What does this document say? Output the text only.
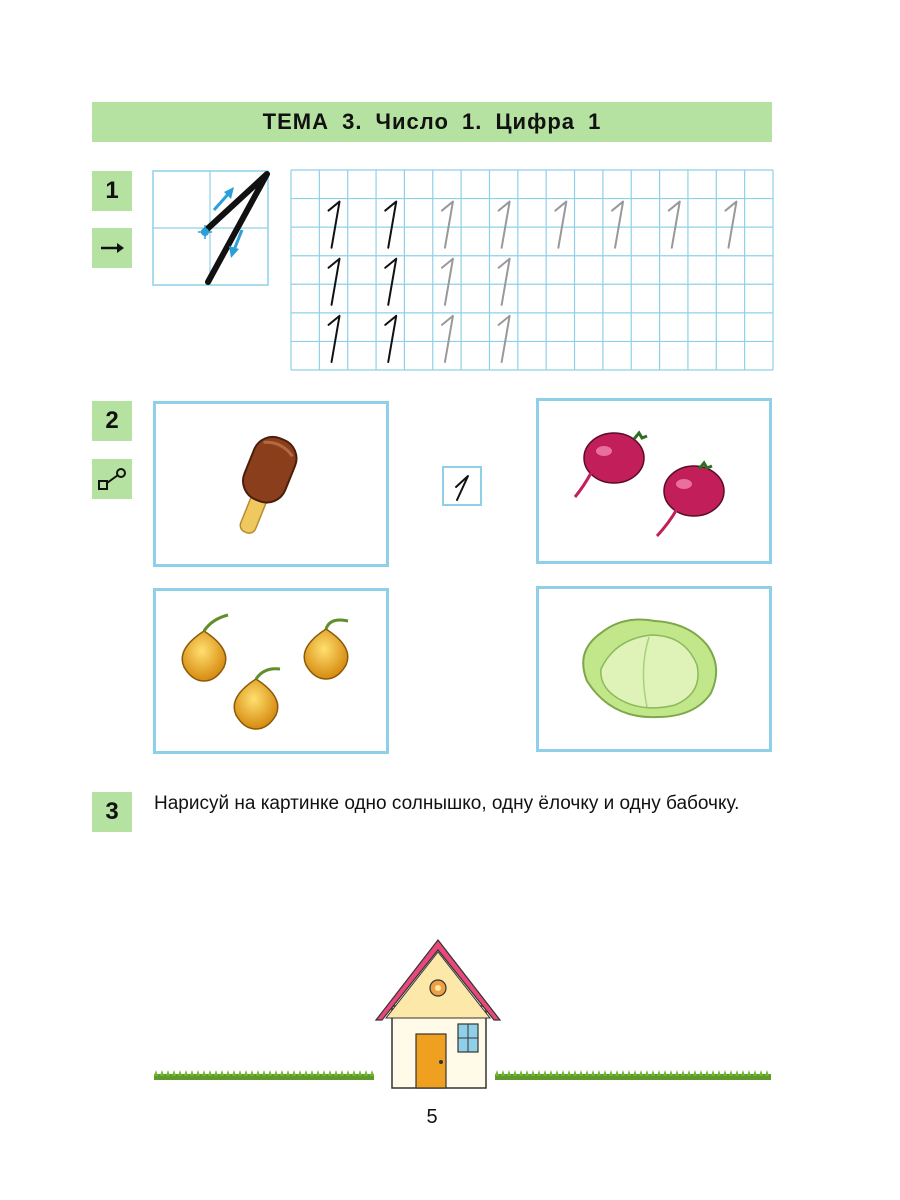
ТЕМА 3. Число 1. Цифра 1
1
2
3	Нарисуй на картинке одно солнышко, одну ёлочку и одну бабочку.
5
